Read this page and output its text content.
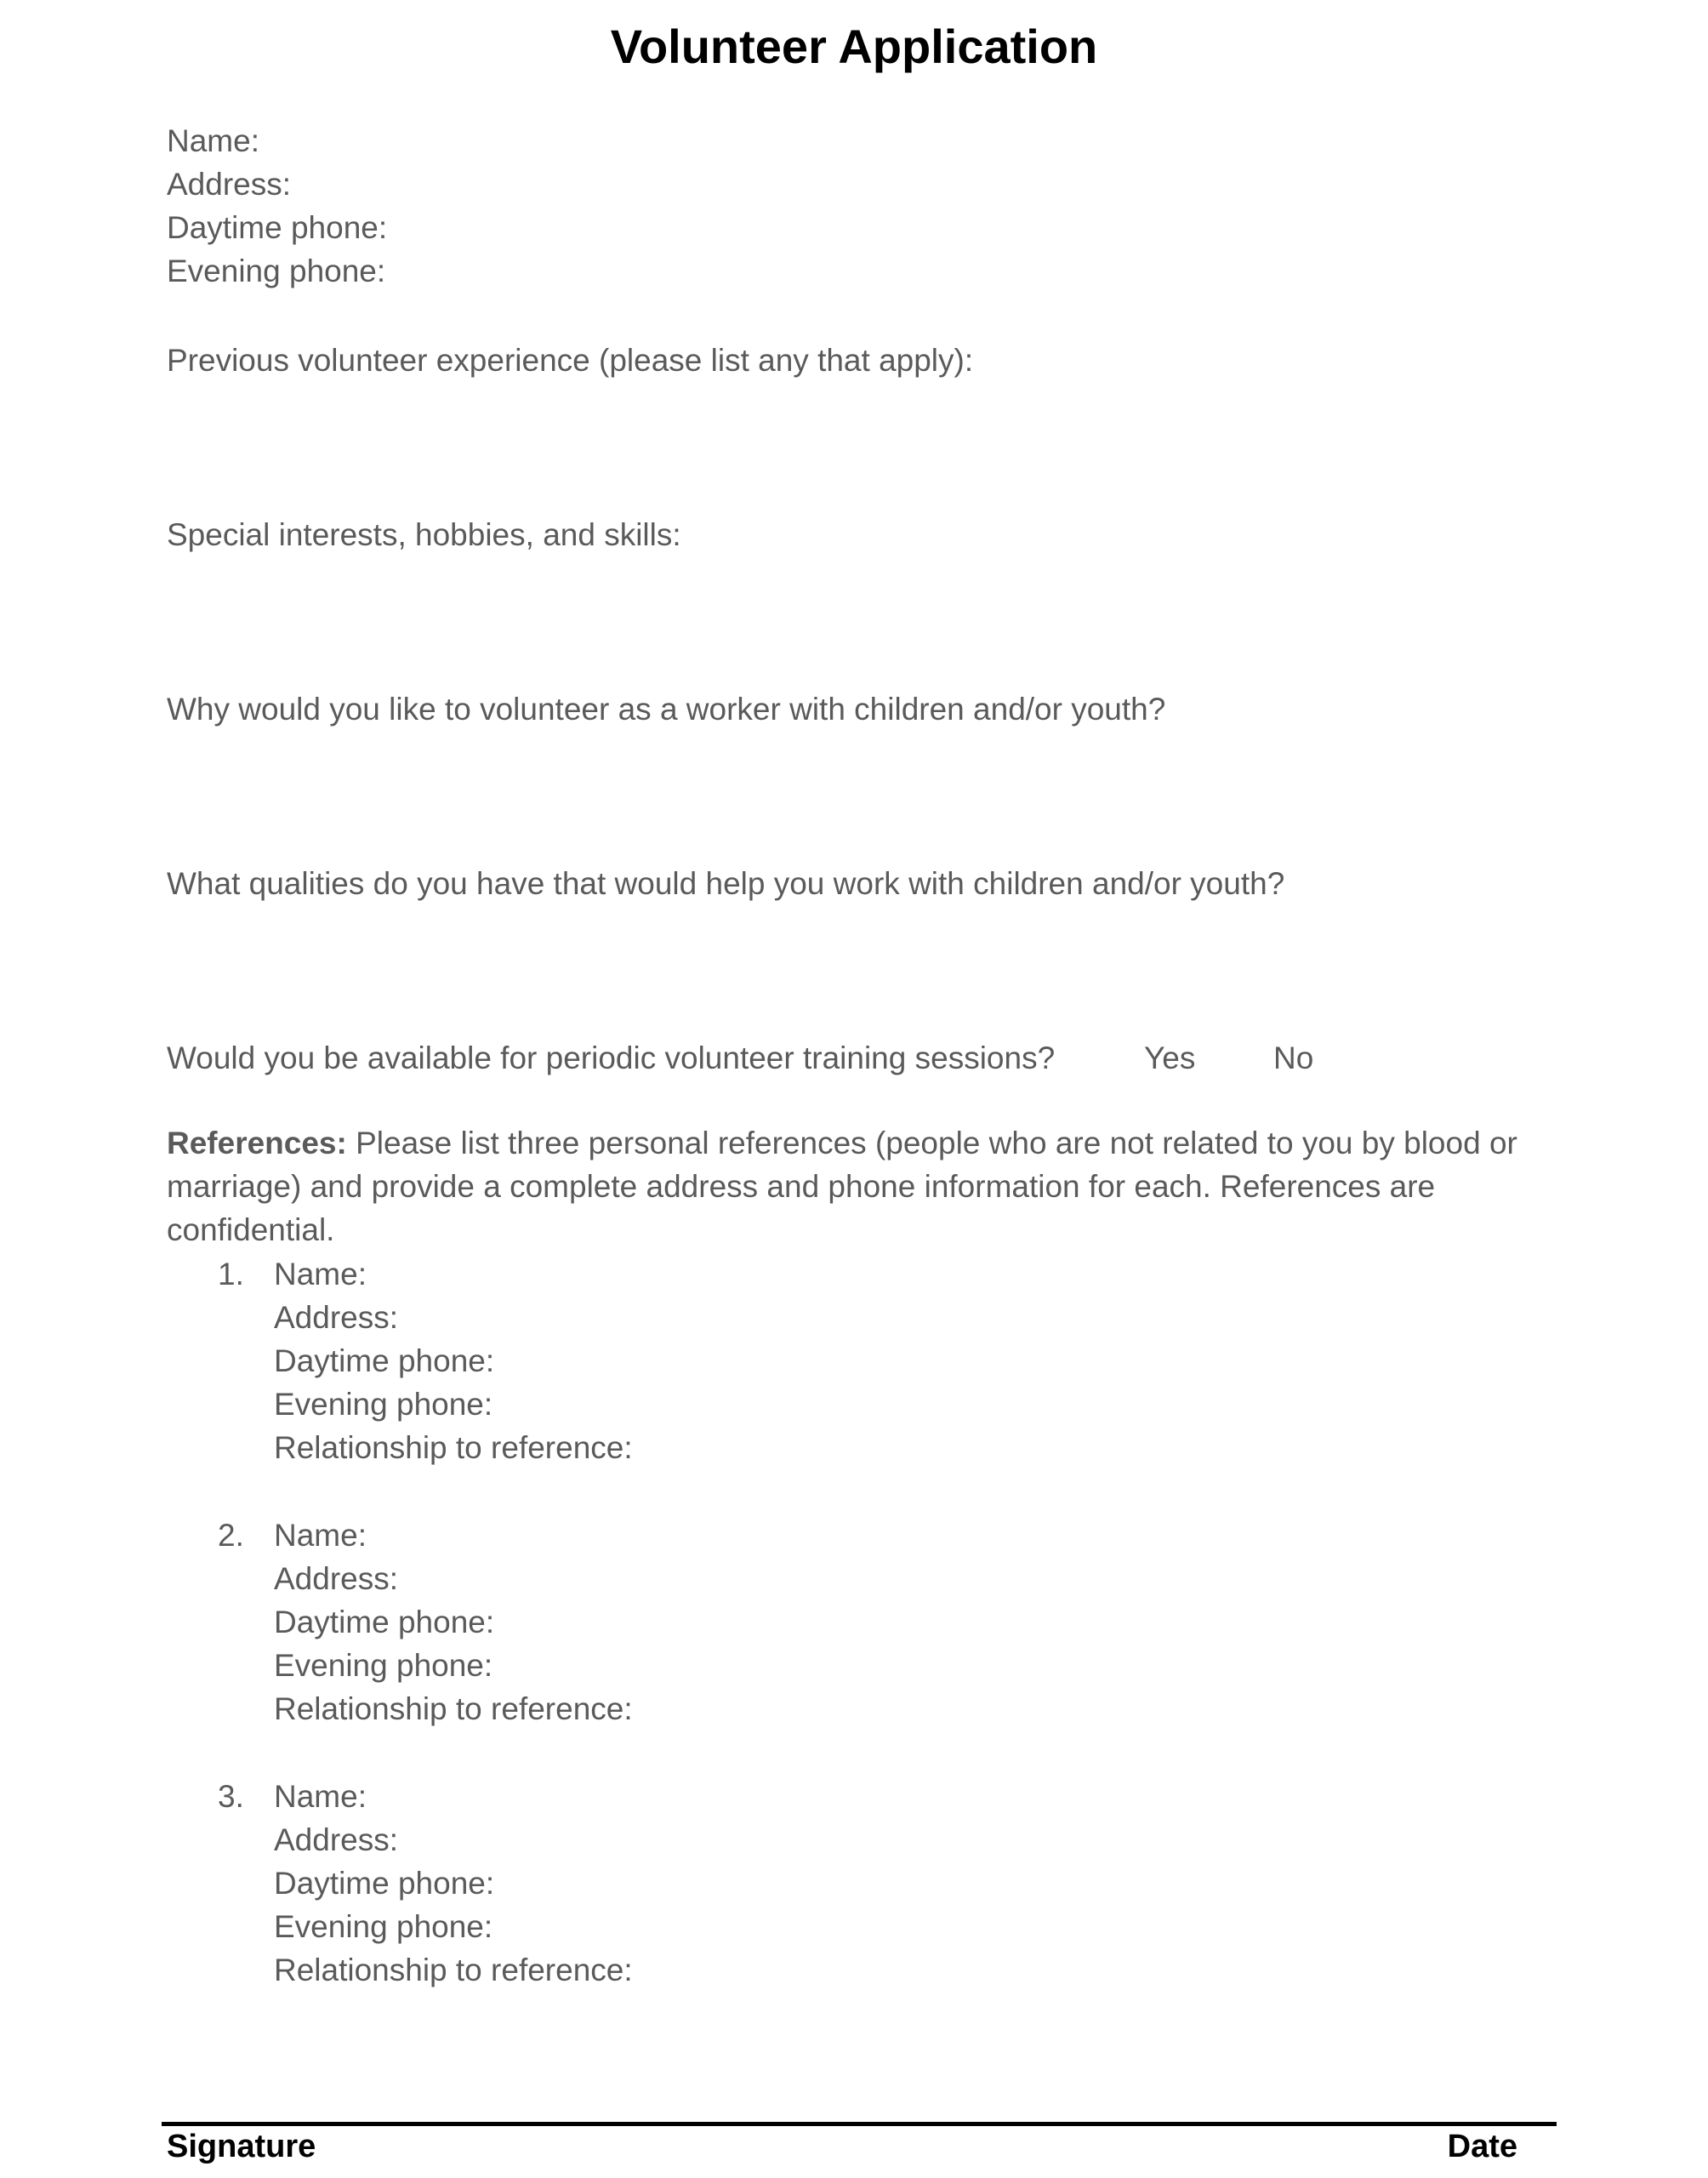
Volunteer Application
Name:
Address:
Daytime phone:
Evening phone:
Previous volunteer experience (please list any that apply):
Special interests, hobbies, and skills:
Why would you like to volunteer as a worker with children and/or youth?
What qualities do you have that would help you work with children and/or youth?
Would you be available for periodic volunteer training sessions?	Yes No
References: Please list three personal references (people who are not related to you by blood or marriage) and provide a complete address and phone information for each. References are confidential.
1. Name:
Address:
Daytime phone:
Evening phone:
Relationship to reference:
2. Name:
Address:
Daytime phone:
Evening phone:
Relationship to reference:
3. Name:
Address:
Daytime phone:
Evening phone:
Relationship to reference:
Signature	Date
